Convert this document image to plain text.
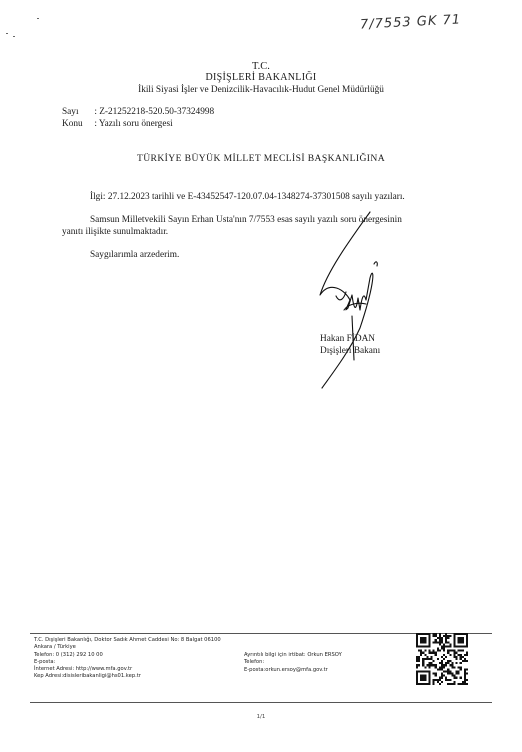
7/7553 GK 71
T.C.
DIŞİŞLERİ BAKANLIĞI
İkili Siyasi İşler ve Denizcilik-Havacılık-Hudut Genel Müdürlüğü
Sayı : Z-21252218-520.50-37324998
Konu : Yazılı soru önergesi
TÜRKİYE BÜYÜK MİLLET MECLİSİ BAŞKANLIĞINA
İlgi: 27.12.2023 tarihli ve E-43452547-120.07.04-1348274-37301508 sayılı yazıları.
Samsun Milletvekili Sayın Erhan Usta'nın 7/7553 esas sayılı yazılı soru önergesinin
yanıtı ilişikte sunulmaktadır.
Saygılarımla arzederim.
Hakan FİDAN
Dışişleri Bakanı
T.C. Dışişleri Bakanlığı, Doktor Sadık Ahmet Caddesi No: 8 Balgat 06100
Ankara / Türkiye
Telefon: 0 (312) 292 10 00
E-posta:
İnternet Adresi: http://www.mfa.gov.tr
Kep Adresi:disisleribakanligi@hs01.kep.tr
Ayrıntılı bilgi için irtibat: Orkun ERSOY
Telefon:
E-posta:orkun.ersoy@mfa.gov.tr
1/1
